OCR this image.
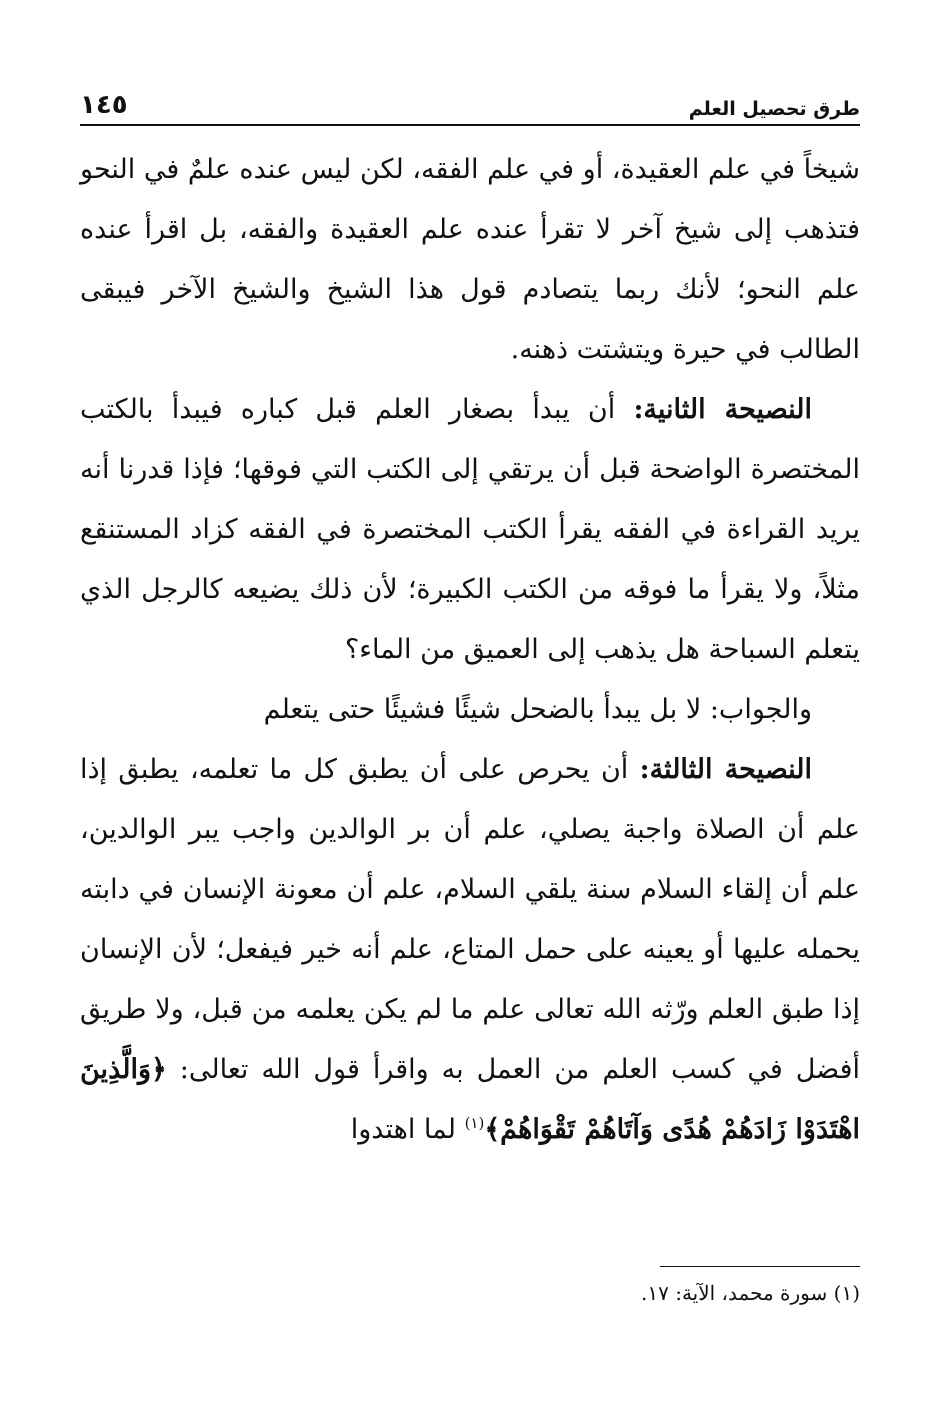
طرق تحصيل العلم
١٤٥

شيخاً في علم العقيدة، أو في علم الفقه، لكن ليس عنده علمٌ في النحو فتذهب إلى شيخ آخر لا تقرأ عنده علم العقيدة والفقه، بل اقرأ عنده علم النحو؛ لأنك ربما يتصادم قول هذا الشيخ والشيخ الآخر فيبقى الطالب في حيرة ويتشتت ذهنه.

النصيحة الثانية: أن يبدأ بصغار العلم قبل كباره فيبدأ بالكتب المختصرة الواضحة قبل أن يرتقي إلى الكتب التي فوقها؛ فإذا قدرنا أنه يريد القراءة في الفقه يقرأ الكتب المختصرة في الفقه كزاد المستنقع مثلاً، ولا يقرأ ما فوقه من الكتب الكبيرة؛ لأن ذلك يضيعه كالرجل الذي يتعلم السباحة هل يذهب إلى العميق من الماء؟

والجواب: لا بل يبدأ بالضحل شيئًا فشيئًا حتى يتعلم

النصيحة الثالثة: أن يحرص على أن يطبق كل ما تعلمه، يطبق إذا علم أن الصلاة واجبة يصلي، علم أن بر الوالدين واجب يبر الوالدين، علم أن إلقاء السلام سنة يلقي السلام، علم أن معونة الإنسان في دابته يحمله عليها أو يعينه على حمل المتاع، علم أنه خير فيفعل؛ لأن الإنسان إذا طبق العلم ورّثه الله تعالى علم ما لم يكن يعلمه من قبل، ولا طريق أفضل في كسب العلم من العمل به واقرأ قول الله تعالى: ﴿وَالَّذِينَ اهْتَدَوْا زَادَهُمْ هُدًى وَآتَاهُمْ تَقْوَاهُمْ﴾$^{(١)}$ لما اهتدوا

(١) سورة محمد، الآية: ١٧.
